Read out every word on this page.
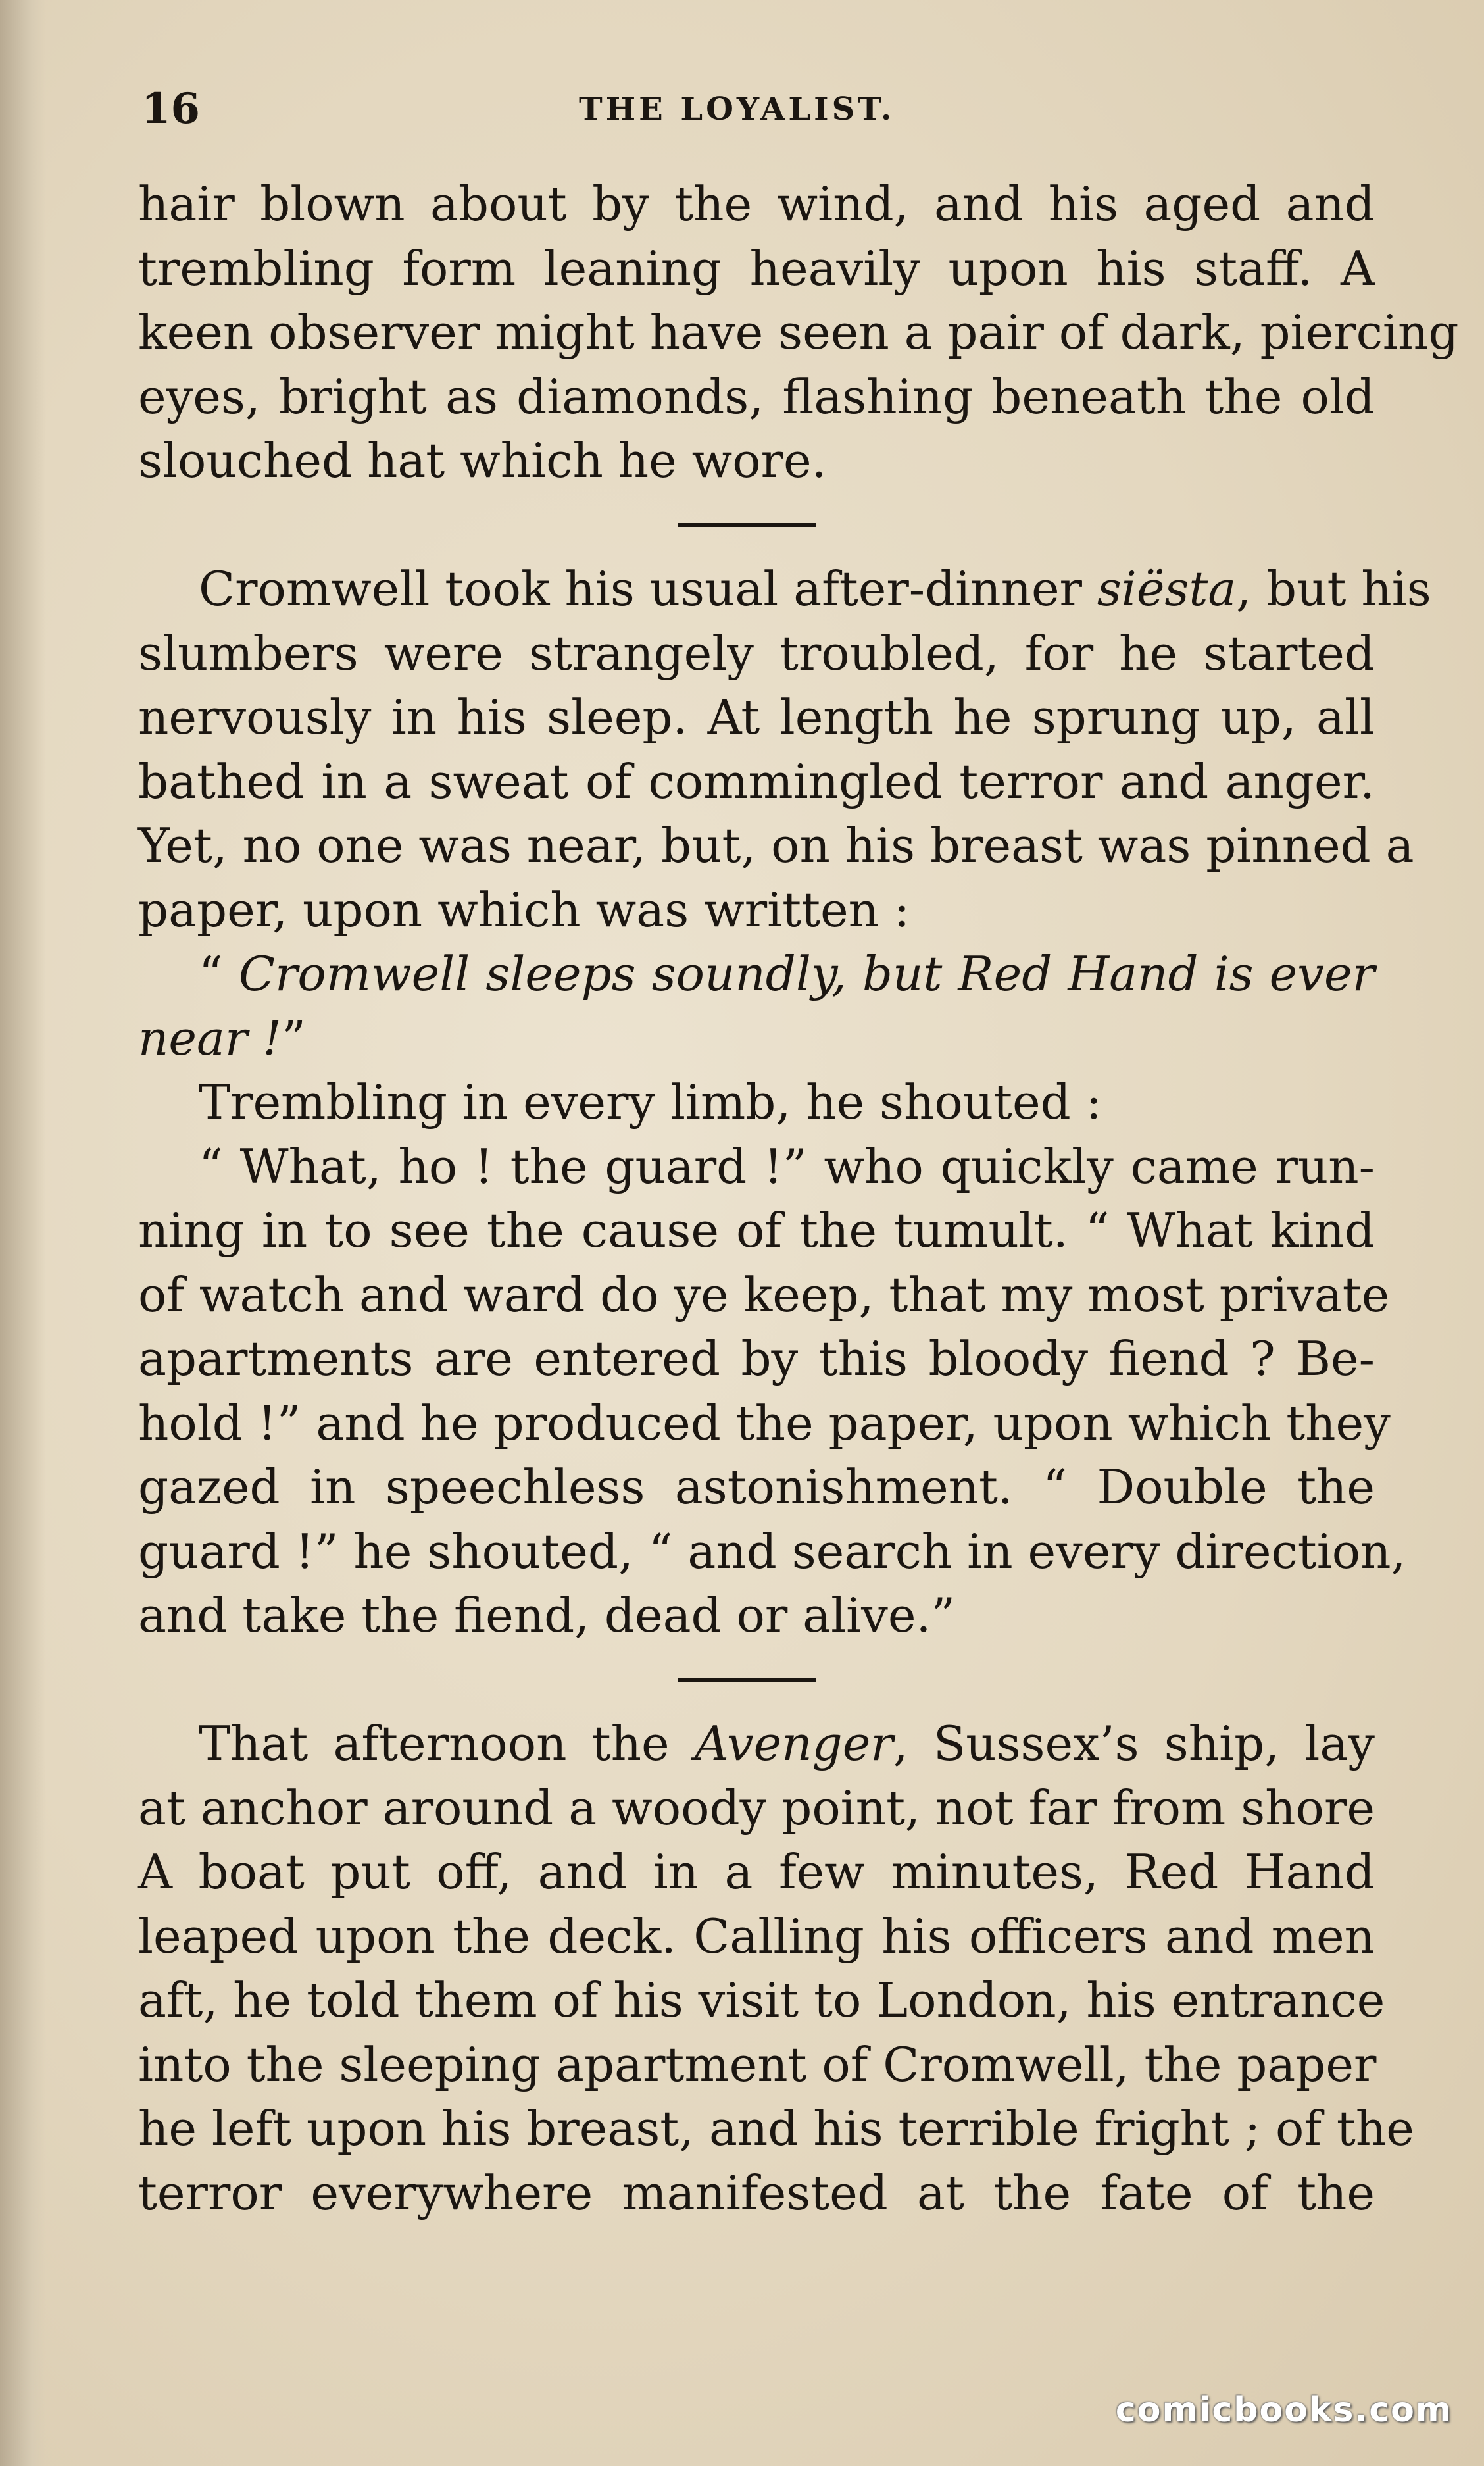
16	THE LOYALIST.
hair blown about by the wind, and his aged and
trembling form leaning heavily upon his staff. A
keen observer might have seen a pair of dark, piercing
eyes, bright as diamonds, flashing beneath the old
slouched hat which he wore.
Cromwell took his usual after-dinner siësta, but his
slumbers were strangely troubled, for he started
nervously in his sleep. At length he sprung up, all
bathed in a sweat of commingled terror and anger.
Yet, no one was near, but, on his breast was pinned a
paper, upon which was written :
“ Cromwell sleeps soundly, but Red Hand is ever
near !”
Trembling in every limb, he shouted :
“ What, ho ! the guard !” who quickly came run-
ning in to see the cause of the tumult. “ What kind
of watch and ward do ye keep, that my most private
apartments are entered by this bloody fiend ? Be-
hold !” and he produced the paper, upon which they
gazed in speechless astonishment. “ Double the
guard !” he shouted, “ and search in every direction,
and take the fiend, dead or alive.”
That afternoon the Avenger, Sussex’s ship, lay
at anchor around a woody point, not far from shore
A boat put off, and in a few minutes, Red Hand
leaped upon the deck. Calling his officers and men
aft, he told them of his visit to London, his entrance
into the sleeping apartment of Cromwell, the paper
he left upon his breast, and his terrible fright ; of the
terror everywhere manifested at the fate of the
comicbooks.com
